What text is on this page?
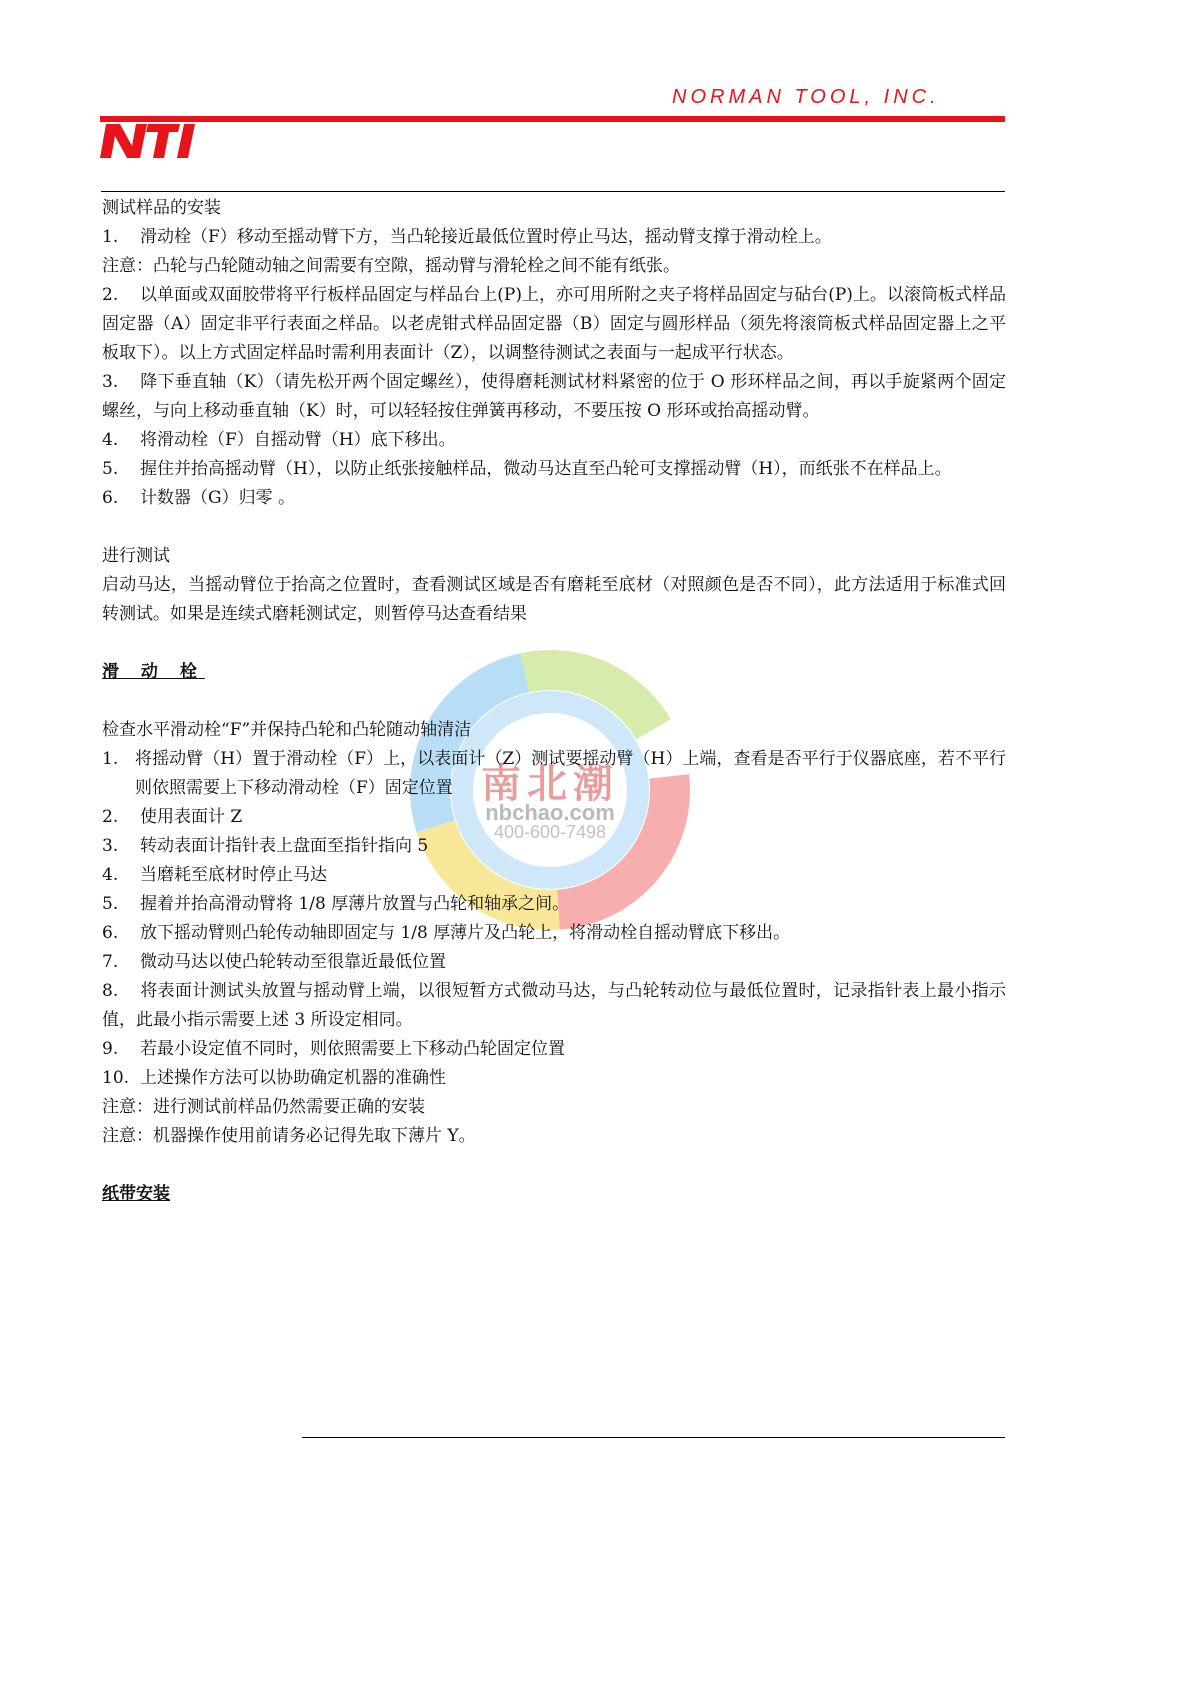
NORMAN TOOL, INC.
南北潮
nbchao.com
400-600-7498

测试样品的安装

1. 滑动栓（F）移动至摇动臂下方，当凸轮接近最低位置时停止马达，摇动臂支撑于滑动栓上。

注意：凸轮与凸轮随动轴之间需要有空隙，摇动臂与滑轮栓之间不能有纸张。

2. 以单面或双面胶带将平行板样品固定与样品台上(P)上，亦可用所附之夹子将样品固定与砧台(P)上。以滚筒板式样品固定器（A）固定非平行表面之样品。以老虎钳式样品固定器（B）固定与圆形样品（须先将滚筒板式样品固定器上之平板取下）。以上方式固定样品时需利用表面计（Z），以调整待测试之表面与一起成平行状态。

3. 降下垂直轴（K）（请先松开两个固定螺丝），使得磨耗测试材料紧密的位于 O 形环样品之间，再以手旋紧两个固定螺丝，与向上移动垂直轴（K）时，可以轻轻按住弹簧再移动，不要压按 O 形环或抬高摇动臂。

4. 将滑动栓（F）自摇动臂（H）底下移出。

5. 握住并抬高摇动臂（H），以防止纸张接触样品，微动马达直至凸轮可支撑摇动臂（H），而纸张不在样品上。

6. 计数器（G）归零 。

进行测试

启动马达，当摇动臂位于抬高之位置时，查看测试区域是否有磨耗至底材（对照颜色是否不同），此方法适用于标准式回转测试。如果是连续式磨耗测试定，则暂停马达查看结果

滑 动 栓

检查水平滑动栓“F”并保持凸轮和凸轮随动轴清洁

1. 将摇动臂（H）置于滑动栓（F）上，以表面计（Z）测试要摇动臂（H）上端，查看是否平行于仪器底座，若不平行则依照需要上下移动滑动栓（F）固定位置

2. 使用表面计 Z

3. 转动表面计指针表上盘面至指针指向 5

4. 当磨耗至底材时停止马达

5. 握着并抬高滑动臂将 1/8 厚薄片放置与凸轮和轴承之间。

6. 放下摇动臂则凸轮传动轴即固定与 1/8 厚薄片及凸轮上，将滑动栓自摇动臂底下移出。

7. 微动马达以使凸轮转动至很靠近最低位置

8. 将表面计测试头放置与摇动臂上端，以很短暂方式微动马达，与凸轮转动位与最低位置时，记录指针表上最小指示值，此最小指示需要上述 3 所设定相同。

9. 若最小设定值不同时，则依照需要上下移动凸轮固定位置

10. 上述操作方法可以协助确定机器的准确性

注意：进行测试前样品仍然需要正确的安装

注意：机器操作使用前请务必记得先取下薄片 Y。

纸带安装
